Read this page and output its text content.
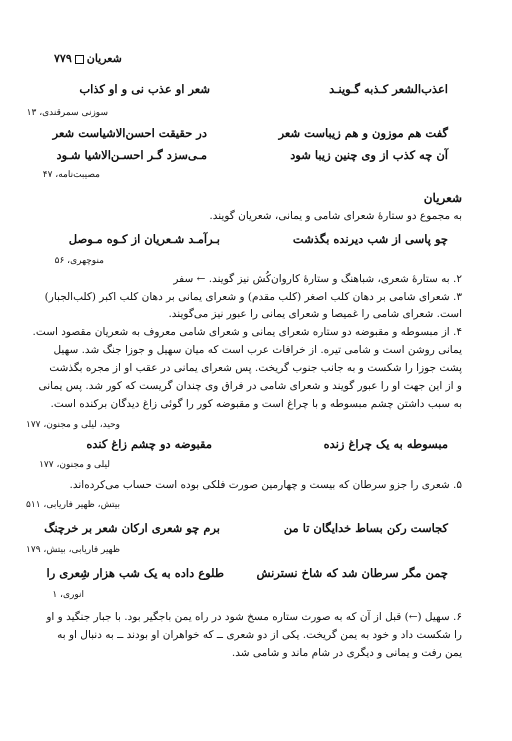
شعریان۷۷۹
اعذب‌الشعر کـذبه گـوینـد
شعر او عذب نی و او کذاب
سوزنی سمرقندی، ۱۳
گفت هم موزون و هم زیباست شعر
در حقیقت احسن‌الاشیاست شعر
آن چه کذب از وی چنین زیبا شود
مـی‌سزد گـر احسـن‌الاشیا شـود
مصیبت‌نامه، ۴۷
شعریان
به مجموع دو ستارهٔ شعرای شامی و یمانی، شعریان گویند.
چو پاسی از شب دیرنده بگذشت
بـرآمـد شـعریان از کـوه مـوصل
منوچهری، ۵۶
۲. به ستارهٔ شعری، شباهنگ و ستارهٔ کاروان‌کُش نیز گویند. ← سفر
۳. شعرای شامی بر دهان کلب اصغر (کلب مقدم) و شعرای یمانی بر دهان کلب اکبر (کلب‌الجبار)
است. شعرای شامی را غمیصا و شعرای یمانی را عبور نیز می‌گویند.
۴. از مبسوطه و مقبوضه دو ستاره شعرای یمانی و شعرای شامی معروف به شعریان مقصود است.
یمانی روشن است و شامی تیره. از خرافات عرب است که میان سهیل و جوزا جنگ شد. سهیل
پشت جوزا را شکست و به جانب جنوب گریخت. پس شعرای یمانی در عقب او از مجره بگذشت
و از این جهت او را عبور گویند و شعرای شامی در فراق وی چندان گریست که کور شد. پس یمانی
به سبب داشتن چشم مبسوطه و با چراغ است و مقبوضه کور را گوئی زاغ دیدگان برکنده است.
وحید، لیلی و مجنون، ۱۷۷
مبسوطه به یک چراغ زنده
مقبوضه دو چشم زاغ کنده
لیلی و مجنون، ۱۷۷
۵. شعری را جزو سرطان که بیست و چهارمین صورت فلکی بوده است حساب می‌کرده‌اند.
بیتش، ظهیر فاریابی، ۵۱۱
کجاست رکن بساط خدایگان تا من
برم چو شعری ارکان شعر بر خرچنگ
ظهیر فاریابی، بیتش، ۱۷۹
چمن مگر سرطان شد که شاخ نسترنش
طلوع داده به یک شب هزار شِعری را
انوری، ۱
۶. سهیل (←) قبل از آن که به صورت ستاره مسخ شود در راه یمن باجگیر بود. با جبار جنگید و او
را شکست داد و خود به یمن گریخت. یکی از دو شعری ــ که خواهران او بودند ــ به دنبال او به
یمن رفت و یمانی و دیگری در شام ماند و شامی شد.
